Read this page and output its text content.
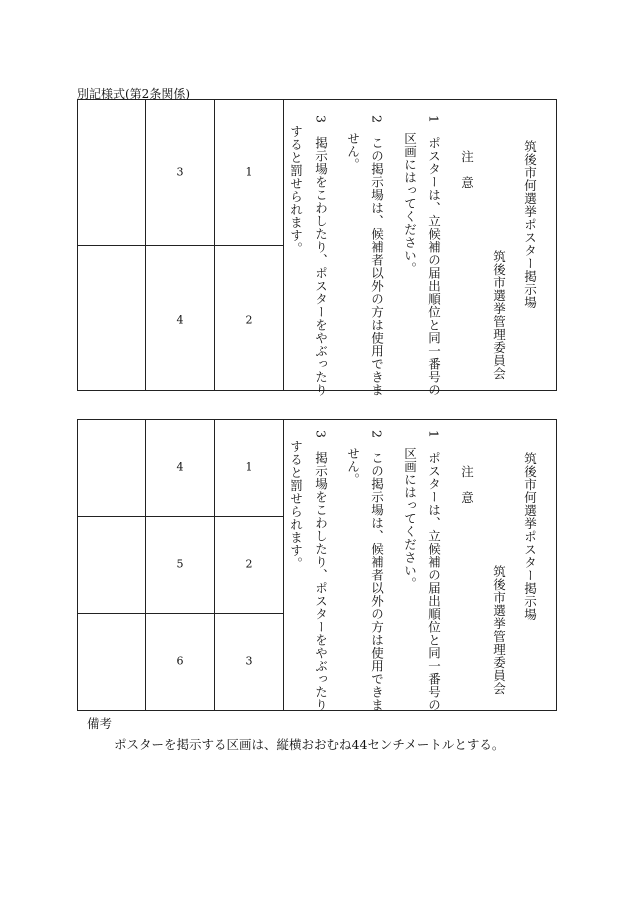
別記様式(第2条関係)
3
4
1
2
筑後市何選挙ポスター掲示場
筑後市選挙管理委員会
注　意
1　ポスターは、立候補の届出順位と同一番号の
区画にはってください。
2　この掲示場は、候補者以外の方は使用できま
せん。
3　掲示場をこわしたり、ポスターをやぶったり
すると罰せられます。
4
5
6
1
2
3
筑後市何選挙ポスター掲示場
筑後市選挙管理委員会
注　意
1　ポスターは、立候補の届出順位と同一番号の
区画にはってください。
2　この掲示場は、候補者以外の方は使用できま
せん。
3　掲示場をこわしたり、ポスターをやぶったり
すると罰せられます。
備考
ポスターを掲示する区画は、縦横おおむね44センチメートルとする。
